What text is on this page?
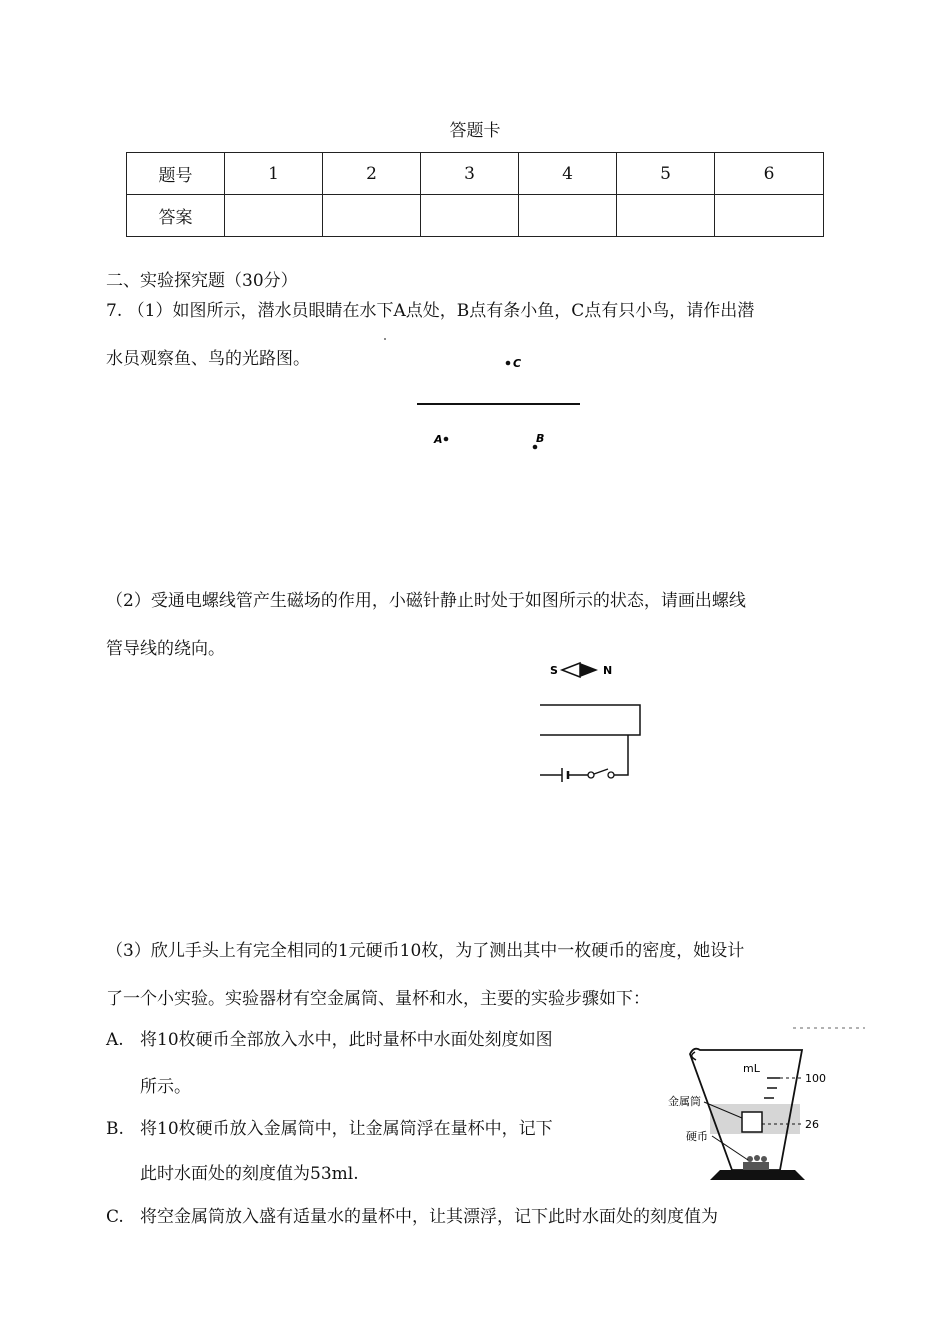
答题卡
题号	1	2	3	4	5	6
答案						
二、实验探究题（30分）
7. （1）如图所示，潜水员眼睛在水下A点处，B点有条小鱼，C点有只小鸟，请作出潜
水员观察鱼、鸟的光路图。	C
A	B
（2）受通电螺线管产生磁场的作用，小磁针静止时处于如图所示的状态，请画出螺线
管导线的绕向。
S	N
（3）欣儿手头上有完全相同的1元硬币10枚，为了测出其中一枚硬币的密度，她设计
了一个小实验。实验器材有空金属筒、量杯和水，主要的实验步骤如下：
A. 将10枚硬币全部放入水中，此时量杯中水面处刻度如图
所示。
B. 将10枚硬币放入金属筒中，让金属筒浮在量杯中，记下
此时水面处的刻度值为53ml.
C. 将空金属筒放入盛有适量水的量杯中，让其漂浮，记下此时水面处的刻度值为
mL
100
26
金属筒
硬币
